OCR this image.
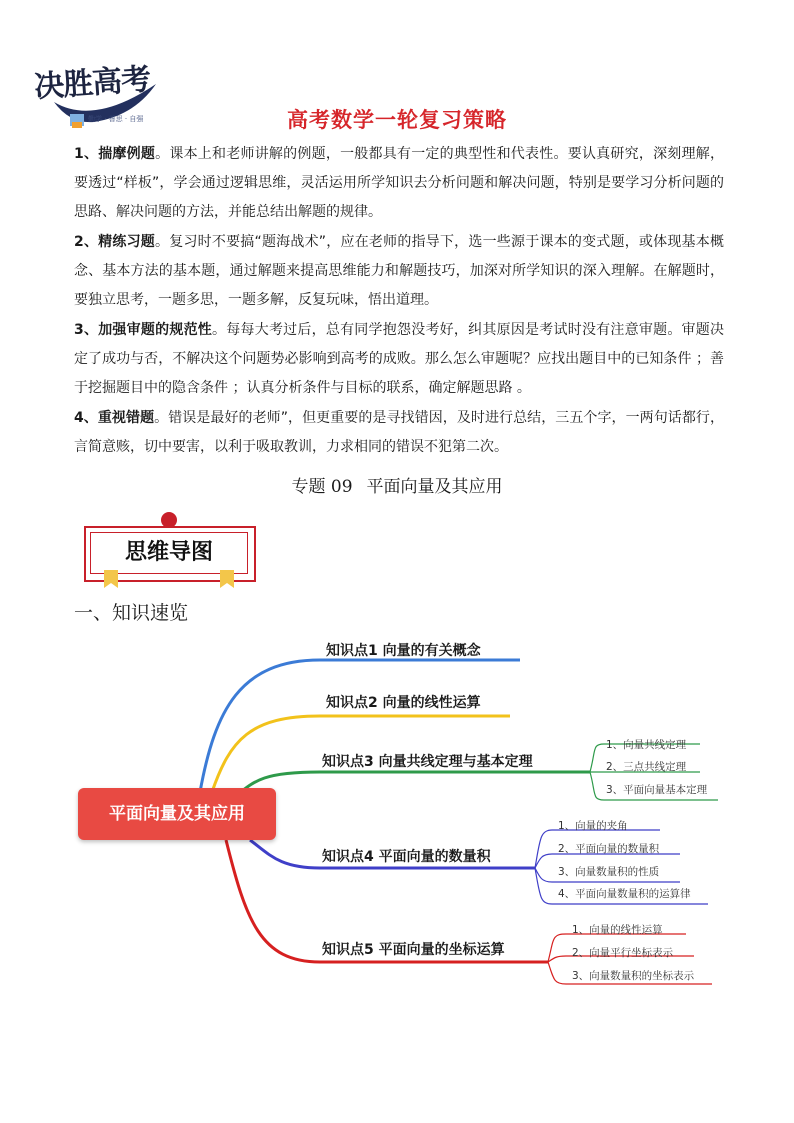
决胜高考
勤学 · 善思 · 自强	高考数学一轮复习策略
1、揣摩例题。课本上和老师讲解的例题，一般都具有一定的典型性和代表性。要认真研究，深刻理解，要透过“样板”，学会通过逻辑思维，灵活运用所学知识去分析问题和解决问题，特别是要学习分析问题的思路、解决问题的方法，并能总结出解题的规律。
2、精练习题。复习时不要搞“题海战术”，应在老师的指导下，选一些源于课本的变式题，或体现基本概念、基本方法的基本题，通过解题来提高思维能力和解题技巧，加深对所学知识的深入理解。在解题时，要独立思考，一题多思，一题多解，反复玩味，悟出道理。
3、加强审题的规范性。每每大考过后，总有同学抱怨没考好，纠其原因是考试时没有注意审题。审题决定了成功与否，不解决这个问题势必影响到高考的成败。那么怎么审题呢？应找出题目中的已知条件 ；善于挖掘题目中的隐含条件 ；认真分析条件与目标的联系，确定解题思路 。
4、重视错题。错误是最好的老师”，但更重要的是寻找错因，及时进行总结，三五个字，一两句话都行，言简意赅，切中要害，以利于吸取教训，力求相同的错误不犯第二次。
专题 09 平面向量及其应用
思维导图
一、知识速览
平面向量及其应用
知识点1 向量的有关概念
知识点2 向量的线性运算
知识点3 向量共线定理与基本定理
知识点4 平面向量的数量积
知识点5 平面向量的坐标运算
1、向量共线定理
2、三点共线定理
3、平面向量基本定理
1、向量的夹角
2、平面向量的数量积
3、向量数量积的性质
4、平面向量数量积的运算律
1、向量的线性运算
2、向量平行坐标表示
3、向量数量积的坐标表示
